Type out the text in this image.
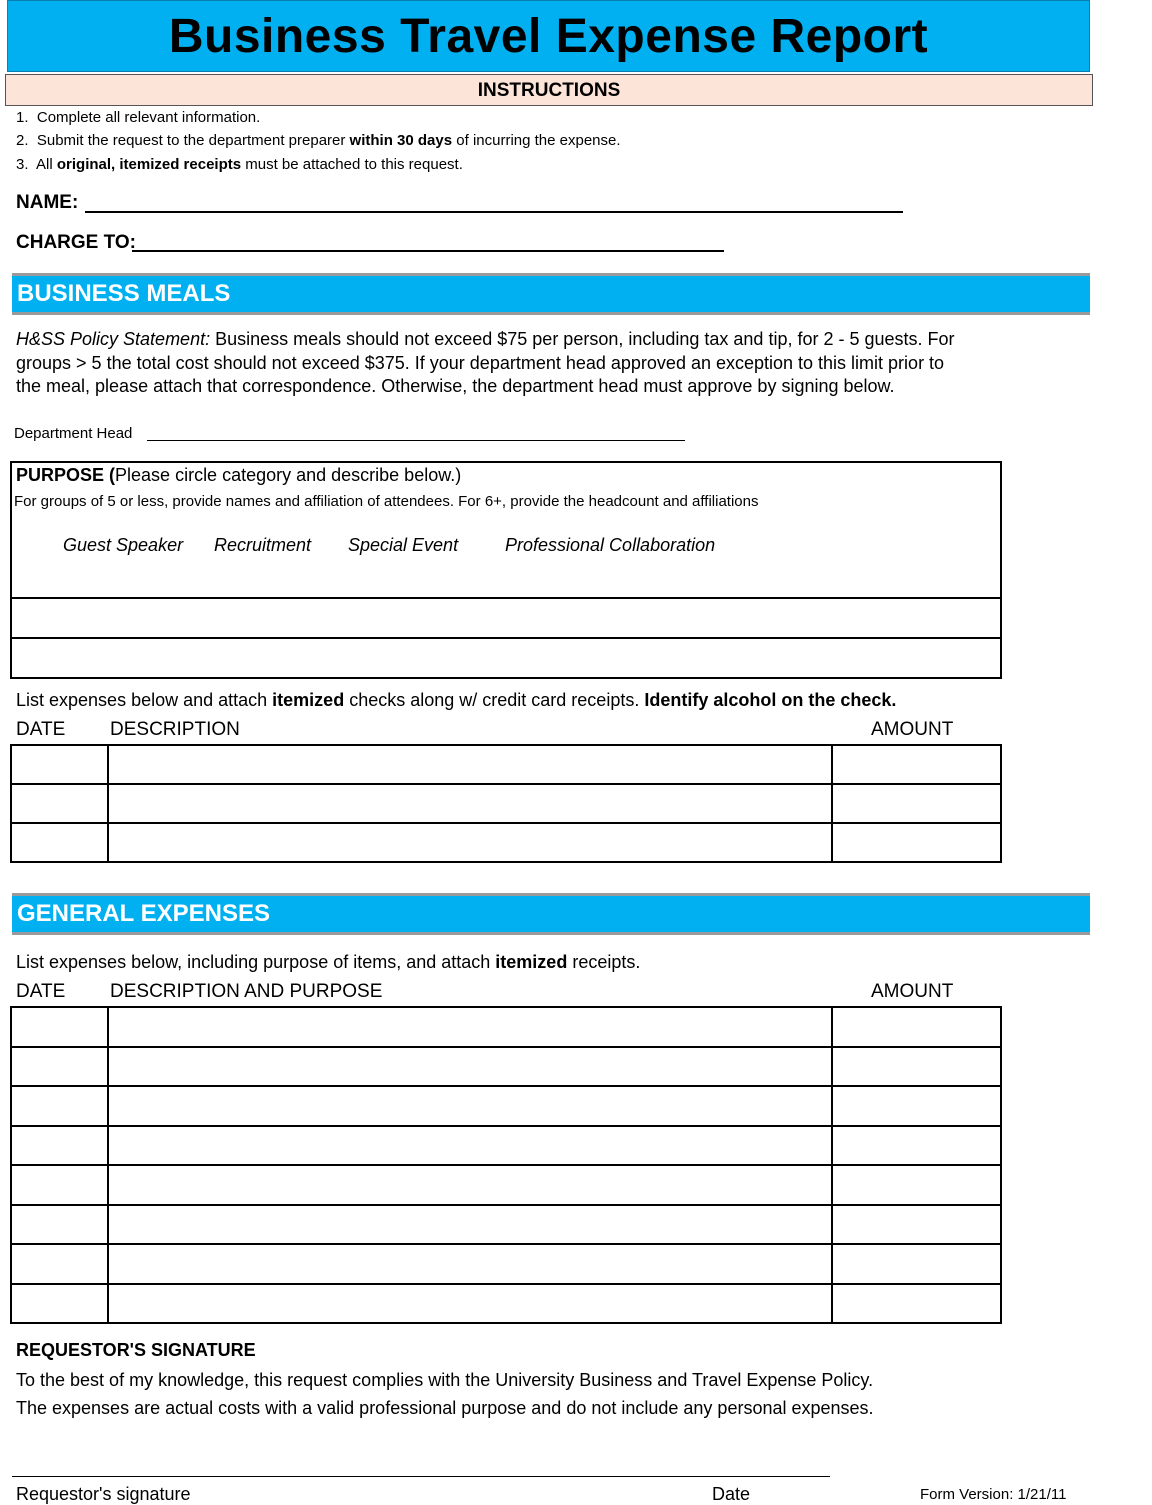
Business Travel Expense Report
INSTRUCTIONS
1. Complete all relevant information.
2. Submit the request to the department preparer within 30 days of incurring the expense.
3. All original, itemized receipts must be attached to this request.
NAME:
CHARGE TO:
BUSINESS MEALS
H&SS Policy Statement: Business meals should not exceed $75 per person, including tax and tip, for 2 - 5 guests. For
groups > 5 the total cost should not exceed $375. If your department head approved an exception to this limit prior to
the meal, please attach that correspondence. Otherwise, the department head must approve by signing below.
Department Head
PURPOSE (Please circle category and describe below.)
For groups of 5 or less, provide names and affiliation of attendees. For 6+, provide the headcount and affiliations
Guest Speaker Recruitment Special Event	Professional Collaboration
List expenses below and attach itemized checks along w/ credit card receipts. Identify alcohol on the check.
DATE DESCRIPTION	AMOUNT

GENERAL EXPENSES
List expenses below, including purpose of items, and attach itemized receipts.
DATE DESCRIPTION AND PURPOSE	AMOUNT

REQUESTOR'S SIGNATURE
To the best of my knowledge, this request complies with the University Business and Travel Expense Policy.
The expenses are actual costs with a valid professional purpose and do not include any personal expenses.
Requestor's signature	Date	Form Version: 1/21/11
